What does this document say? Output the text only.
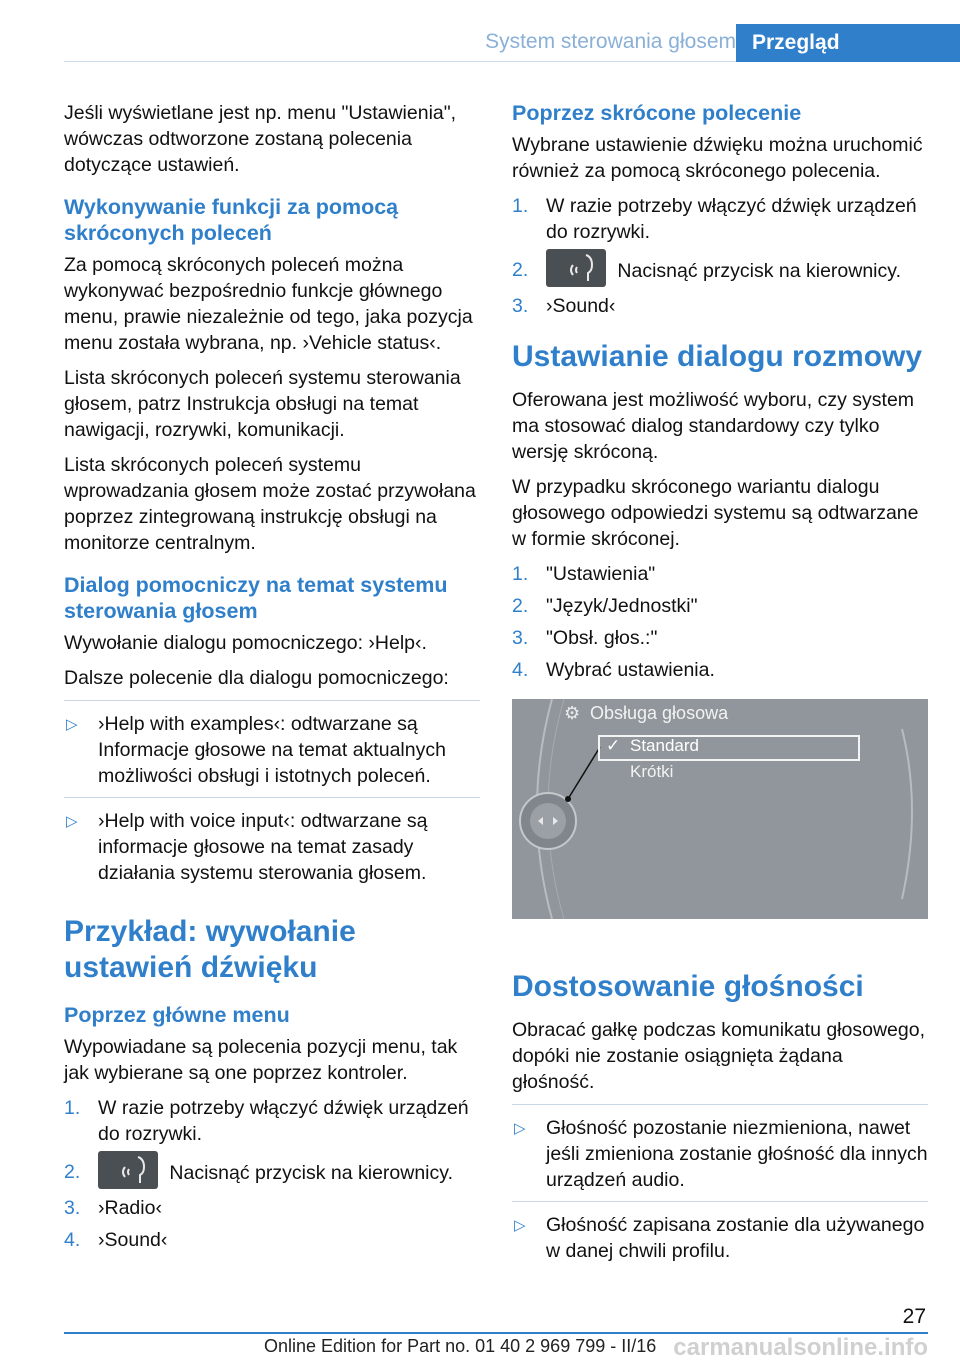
System sterowania głosem Przegląd

Jeśli wyświetlane jest np. menu "Ustawienia", wówczas odtworzone zostaną polecenia dotyczące ustawień.

Wykonywanie funkcji za pomocą skróconych poleceń

Za pomocą skróconych poleceń można wykonywać bezpośrednio funkcje głównego menu, prawie niezależnie od tego, jaka pozycja menu została wybrana, np. ›Vehicle status‹.

Lista skróconych poleceń systemu sterowania głosem, patrz Instrukcja obsługi na temat nawigacji, rozrywki, komunikacji.

Lista skróconych poleceń systemu wprowadzania głosem może zostać przywołana poprzez zintegrowaną instrukcję obsługi na monitorze centralnym.

Dialog pomocniczy na temat systemu sterowania głosem

Wywołanie dialogu pomocniczego: ›Help‹.

Dalsze polecenie dla dialogu pomocniczego:

▷ ›Help with examples‹: odtwarzane są Informacje głosowe na temat aktualnych możliwości obsługi i istotnych poleceń.
▷ ›Help with voice input‹: odtwarzane są informacje głosowe na temat zasady działania systemu sterowania głosem.
Przykład: wywołanie ustawień dźwięku
Poprzez główne menu

Wypowiadane są polecenia pozycji menu, tak jak wybierane są one poprzez kontroler.

1. W razie potrzeby włączyć dźwięk urządzeń do rozrywki.
2.	Nacisnąć przycisk na kierownicy.
3. ›Radio‹
4. ›Sound‹
Poprzez skrócone polecenie

Wybrane ustawienie dźwięku można uruchomić również za pomocą skróconego polecenia.

1. W razie potrzeby włączyć dźwięk urządzeń do rozrywki.
2.	Nacisnąć przycisk na kierownicy.
3. ›Sound‹
Ustawianie dialogu rozmowy

Oferowana jest możliwość wyboru, czy system ma stosować dialog standardowy czy tylko wersję skróconą.

W przypadku skróconego wariantu dialogu głosowego odpowiedzi systemu są odtwarzane w formie skróconej.

1. "Ustawienia"
2. "Język/Jednostki"
3. "Obsł. głos.:"
4. Wybrać ustawienia.
⚙ Obsługa głosowa
✓ Standard
Krótki
Dostosowanie głośności

Obracać gałkę podczas komunikatu głosowego, dopóki nie zostanie osiągnięta żądana głośność.

▷ Głośność pozostanie niezmieniona, nawet jeśli zmieniona zostanie głośność dla innych urządzeń audio.
▷ Głośność zapisana zostanie dla używanego w danej chwili profilu.
27
carmanualsonline.info
Online Edition for Part no. 01 40 2 969 799 - II/16
